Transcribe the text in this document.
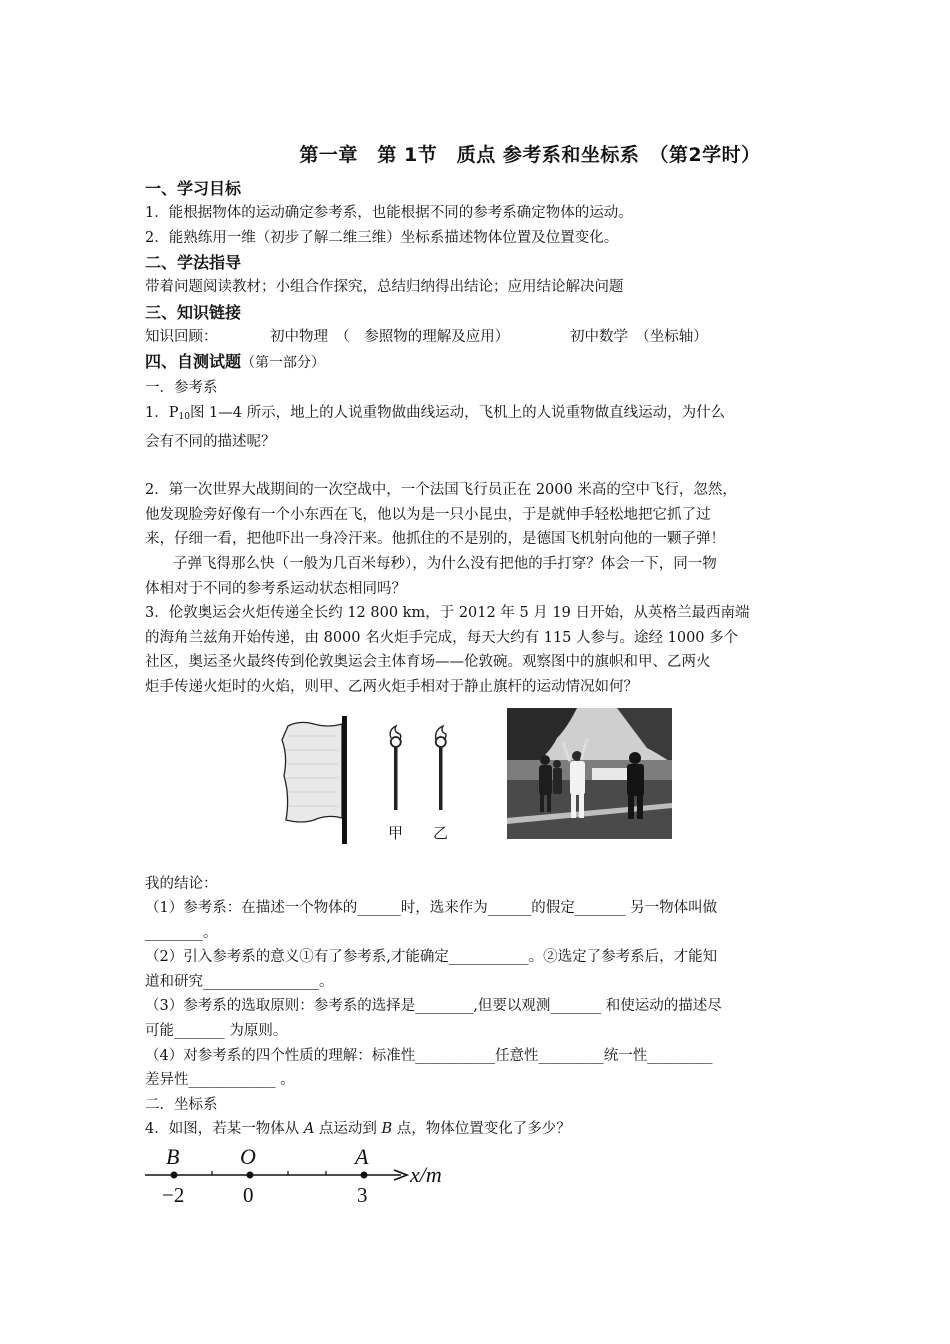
第一章　第 1节　质点 参考系和坐标系　（第2学时）

一、学习目标

1．能根据物体的运动确定参考系，也能根据不同的参考系确定物体的运动。

2．能熟练用一维（初步了解二维三维）坐标系描述物体位置及位置变化。

二、学法指导

带着问题阅读教材；小组合作探究，总结归纳得出结论；应用结论解决问题

三、知识链接

知识回顾：	初中物理　（　参照物的理解及应用）	初中数学　（坐标轴）

四、自测试题（第一部分）

一．参考系

1．$P_{10}$图 1—4 所示，地上的人说重物做曲线运动，飞机上的人说重物做直线运动，为什么

会有不同的描述呢？

2．第一次世界大战期间的一次空战中，一个法国飞行员正在 2000 米高的空中飞行，忽然，

他发现脸旁好像有一个小东西在飞，他以为是一只小昆虫，于是就伸手轻松地把它抓了过

来，仔细一看，把他吓出一身冷汗来。他抓住的不是别的，是德国飞机射向他的一颗子弹！

子弹飞得那么快（一般为几百米每秒），为什么没有把他的手打穿？体会一下，同一物

体相对于不同的参考系运动状态相同吗？

3．伦敦奥运会火炬传递全长约 12 800 km，于 2012 年 5 月 19 日开始，从英格兰最西南端

的海角兰兹角开始传递，由 8000 名火炬手完成，每天大约有 115 人参与。途经 1000 多个

社区，奥运圣火最终传到伦敦奥运会主体育场——伦敦碗。观察图中的旗帜和甲、乙两火

炬手传递火炬时的火焰，则甲、乙两火炬手相对于静止旗杆的运动情况如何？

甲 乙

我的结论：

（1）参考系：在描述一个物体的______时，选来作为______的假定_______ 另一物体叫做

________。

（2）引入参考系的意义①有了参考系,才能确定___________。②选定了参考系后，才能知

道和研究________________。

（3）参考系的选取原则：参考系的选择是________,但要以观测_______ 和使运动的描述尽

可能_______ 为原则。

（4）对参考系的四个性质的理解：标准性___________任意性_________统一性_________

差异性____________ 。

二．坐标系

4．如图，若某一物体从 A 点运动到 B 点，物体位置变化了多少？

B	O	A
−2	0	3
x/m
